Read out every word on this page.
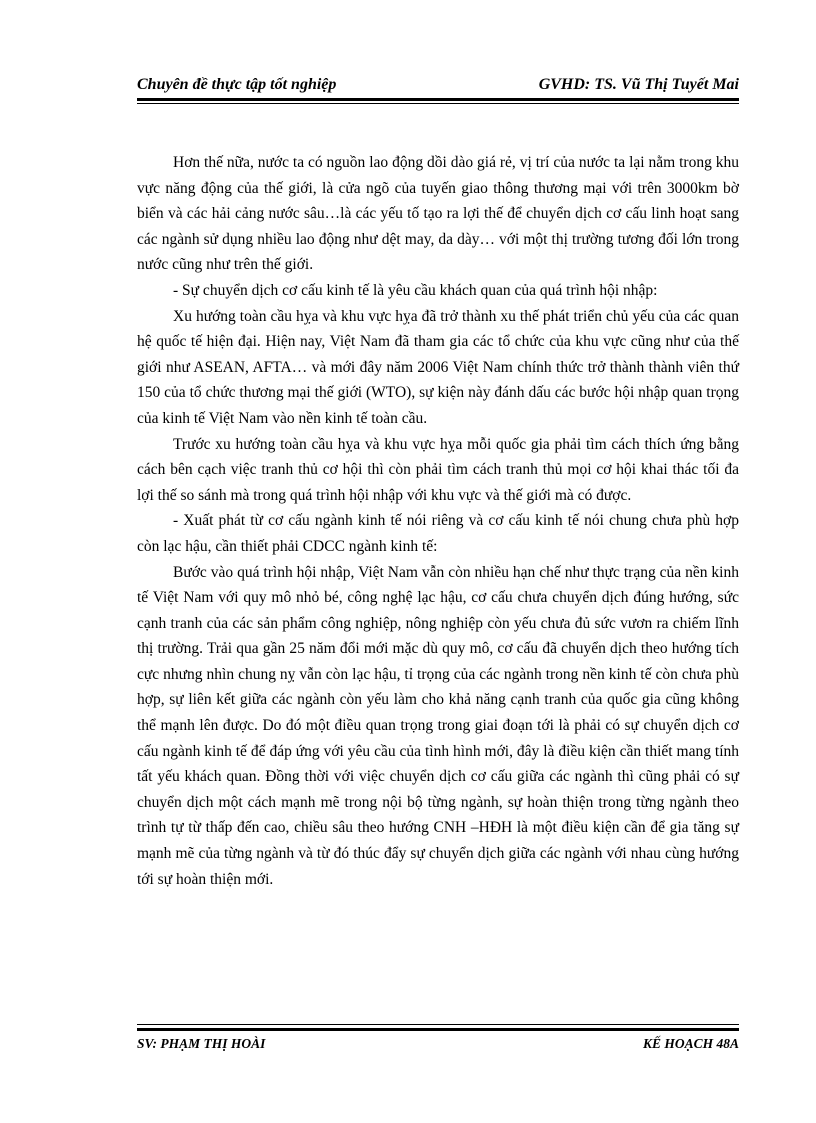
Chuyên đề thực tập tốt nghiệp	GVHD: TS. Vũ Thị Tuyết Mai

Hơn thế nữa, nước ta có nguồn lao động dồi dào giá rẻ, vị trí của nước ta lại nằm trong khu vực năng động của thế giới, là cửa ngõ của tuyến giao thông thương mại với trên 3000km bờ biển và các hải cảng nước sâu…là các yếu tố tạo ra lợi thế để chuyển dịch cơ cấu linh hoạt sang các ngành sử dụng nhiều lao động như dệt may, da dày… với một thị trường tương đối lớn trong nước cũng như trên thế giới.

- Sự chuyển dịch cơ cấu kinh tế là yêu cầu khách quan của quá trình hội nhập:

Xu hướng toàn cầu hỵa và khu vực hỵa đã trở thành xu thế phát triển chủ yếu của các quan hệ quốc tế hiện đại. Hiện nay, Việt Nam đã tham gia các tổ chức của khu vực cũng như của thế giới như ASEAN, AFTA… và mới đây năm 2006 Việt Nam chính thức trở thành thành viên thứ 150 của tổ chức thương mại thế giới (WTO), sự kiện này đánh dấu các bước hội nhập quan trọng của kinh tế Việt Nam vào nền kinh tế toàn cầu.

Trước xu hướng toàn cầu hỵa và khu vực hỵa mỗi quốc gia phải tìm cách thích ứng bằng cách bên cạch việc tranh thủ cơ hội thì còn phải tìm cách tranh thủ mọi cơ hội khai thác tối đa lợi thế so sánh mà trong quá trình hội nhập với khu vực và thế giới mà có được.

- Xuất phát từ cơ cấu ngành kinh tế nói riêng và cơ cấu kinh tế nói chung chưa phù hợp còn lạc hậu, cần thiết phải CDCC ngành kinh tế:

Bước vào quá trình hội nhập, Việt Nam vẫn còn nhiều hạn chế như thực trạng của nền kinh tế Việt Nam với quy mô nhỏ bé, công nghệ lạc hậu, cơ cấu chưa chuyển dịch đúng hướng, sức cạnh tranh của các sản phẩm công nghiệp, nông nghiệp còn yếu chưa đủ sức vươn ra chiếm lĩnh thị trường. Trải qua gần 25 năm đổi mới mặc dù quy mô, cơ cấu đã chuyển dịch theo hướng tích cực nhưng nhìn chung nỵ vẫn còn lạc hậu, tỉ trọng của các ngành trong nền kinh tế còn chưa phù hợp, sự liên kết giữa các ngành còn yếu làm cho khả năng cạnh tranh của quốc gia cũng không thể mạnh lên được. Do đó một điều quan trọng trong giai đoạn tới là phải có sự chuyển dịch cơ cấu ngành kinh tế để đáp ứng với yêu cầu của tình hình mới, đây là điều kiện cần thiết mang tính tất yếu khách quan. Đồng thời với việc chuyển dịch cơ cấu giữa các ngành thì cũng phải có sự chuyển dịch một cách mạnh mẽ trong nội bộ từng ngành, sự hoàn thiện trong từng ngành theo trình tự từ thấp đến cao, chiều sâu theo hướng CNH –HĐH là một điều kiện cần để gia tăng sự mạnh mẽ của từng ngành và từ đó thúc đẩy sự chuyển dịch giữa các ngành với nhau cùng hướng tới sự hoàn thiện mới.

SV: PHẠM THỊ HOÀI	KẾ HOẠCH 48A
